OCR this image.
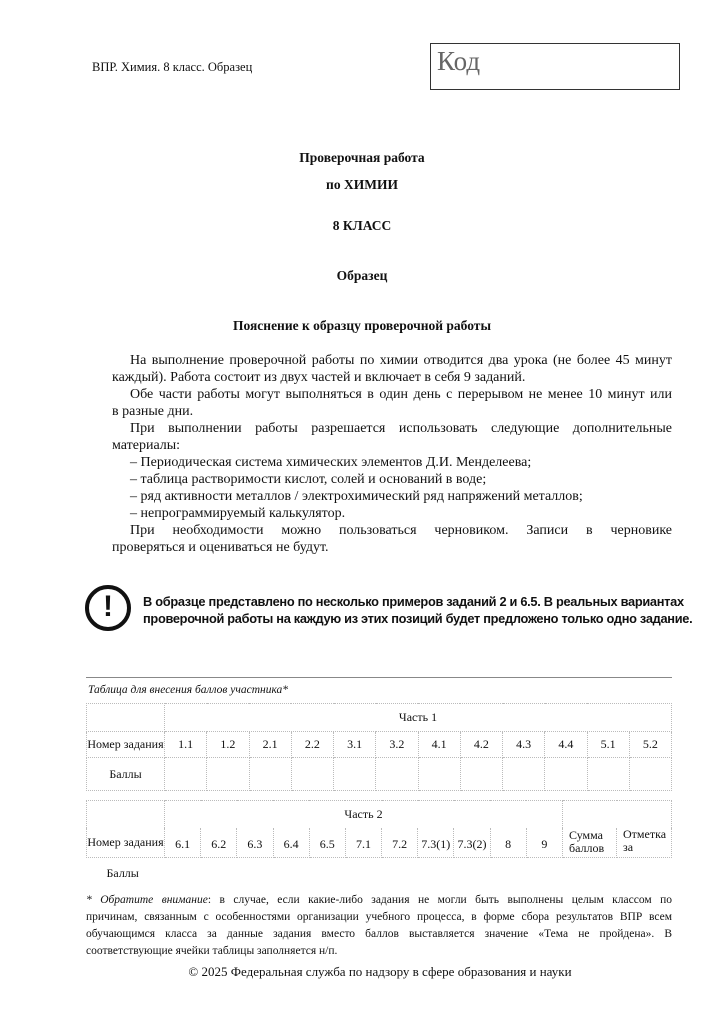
ВПР. Химия. 8 класс. Образец	Код
Проверочная работа
по ХИМИИ
8 КЛАСС
Образец
Пояснение к образцу проверочной работы
На выполнение проверочной работы по химии отводится два урока (не более 45 минут
каждый). Работа состоит из двух частей и включает в себя 9 заданий.
Обе части работы могут выполняться в один день с перерывом не менее 10 минут или
в разные дни.
При выполнении работы разрешается использовать следующие дополнительные
материалы:
– Периодическая система химических элементов Д.И. Менделеева;
– таблица растворимости кислот, солей и оснований в воде;
– ряд активности металлов / электрохимический ряд напряжений металлов;
– непрограммируемый калькулятор.
При необходимости можно пользоваться черновиком. Записи в черновике
проверяться и оцениваться не будут.
!	В образце представлено по несколько примеров заданий 2 и 6.5. В реальных вариантах
проверочной работы на каждую из этих позиций будет предложено только одно задание.
Таблица для внесения баллов участника*
	Часть 1											
Номер задания	1.1	1.2	2.1	2.2	3.1	3.2	4.1	4.2	4.3	4.4	5.1	5.2
Баллы												
	Часть 2												
Номер задания	6.1	6.2	6.3	6.4	6.5	7.1	7.2	7.3(1)	7.3(2)	8	9	Сумма баллов	Отметка за
Баллы													
* Обратите внимание: в случае, если какие-либо задания не могли быть выполнены целым классом по
причинам, связанным с особенностями организации учебного процесса, в форме сбора результатов ВПР всем
обучающимся класса за данные задания вместо баллов выставляется значение «Тема не пройдена». В
соответствующие ячейки таблицы заполняется н/п.
© 2025 Федеральная служба по надзору в сфере образования и науки
